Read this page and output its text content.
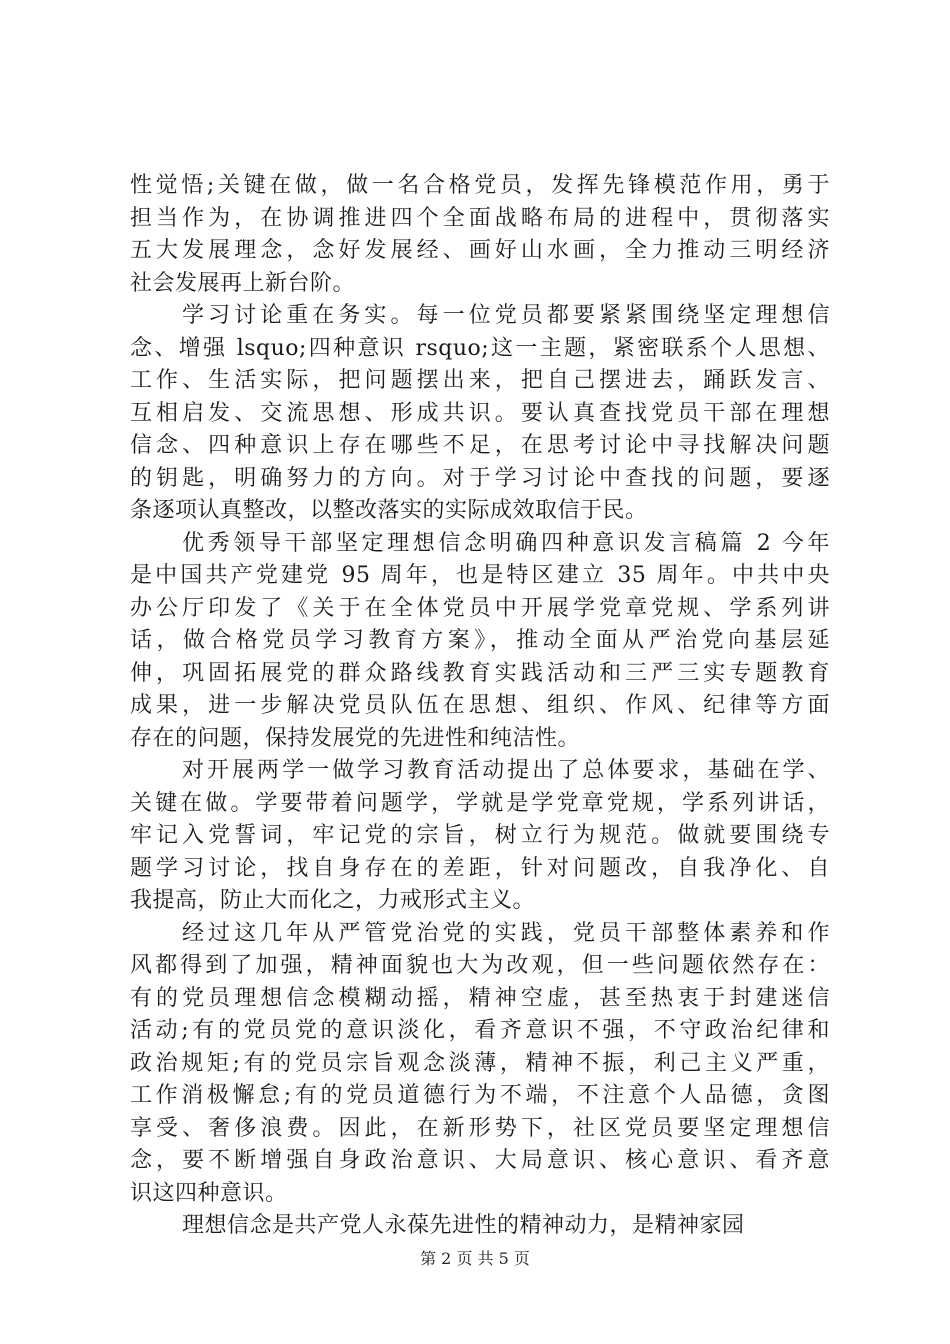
性觉悟;关键在做，做一名合格党员，发挥先锋模范作用，勇于
担当作为，在协调推进四个全面战略布局的进程中，贯彻落实
五大发展理念，念好发展经、画好山水画，全力推动三明经济
社会发展再上新台阶。
学习讨论重在务实。每一位党员都要紧紧围绕坚定理想信
念、增强 lsquo;四种意识 rsquo;这一主题，紧密联系个人思想、
工作、生活实际，把问题摆出来，把自己摆进去，踊跃发言、
互相启发、交流思想、形成共识。要认真查找党员干部在理想
信念、四种意识上存在哪些不足，在思考讨论中寻找解决问题
的钥匙，明确努力的方向。对于学习讨论中查找的问题，要逐
条逐项认真整改，以整改落实的实际成效取信于民。
优秀领导干部坚定理想信念明确四种意识发言稿篇 2 今年
是中国共产党建党 95 周年，也是特区建立 35 周年。中共中央
办公厅印发了《关于在全体党员中开展学党章党规、学系列讲
话，做合格党员学习教育方案》，推动全面从严治党向基层延
伸，巩固拓展党的群众路线教育实践活动和三严三实专题教育
成果，进一步解决党员队伍在思想、组织、作风、纪律等方面
存在的问题，保持发展党的先进性和纯洁性。
对开展两学一做学习教育活动提出了总体要求，基础在学、
关键在做。学要带着问题学，学就是学党章党规，学系列讲话，
牢记入党誓词，牢记党的宗旨，树立行为规范。做就要围绕专
题学习讨论，找自身存在的差距，针对问题改，自我净化、自
我提高，防止大而化之，力戒形式主义。
经过这几年从严管党治党的实践，党员干部整体素养和作
风都得到了加强，精神面貌也大为改观，但一些问题依然存在：
有的党员理想信念模糊动摇，精神空虚，甚至热衷于封建迷信
活动;有的党员党的意识淡化，看齐意识不强，不守政治纪律和
政治规矩;有的党员宗旨观念淡薄，精神不振，利己主义严重，
工作消极懈怠;有的党员道德行为不端，不注意个人品德，贪图
享受、奢侈浪费。因此，在新形势下，社区党员要坚定理想信
念，要不断增强自身政治意识、大局意识、核心意识、看齐意
识这四种意识。
理想信念是共产党人永葆先进性的精神动力，是精神家园
第 2 页 共 5 页
